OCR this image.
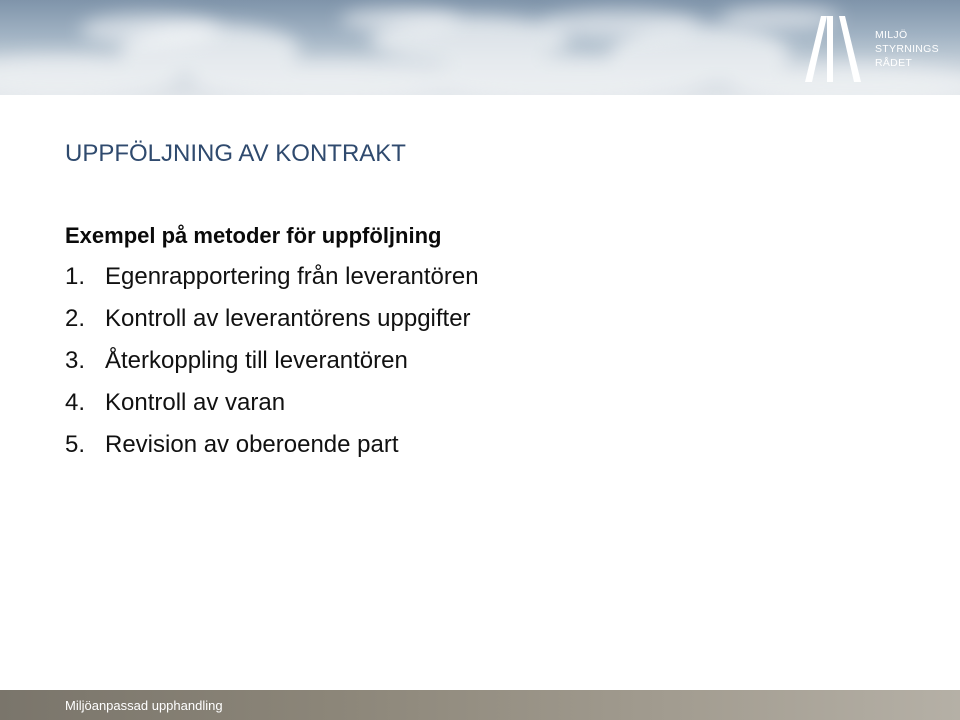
MILJÖ
STYRNINGS
RÅDET
UPPFÖLJNING AV KONTRAKT

Exempel på metoder för uppföljning

1. Egenrapportering från leverantören
2. Kontroll av leverantörens uppgifter
3. Återkoppling till leverantören
4. Kontroll av varan
5. Revision av oberoende part
Miljöanpassad upphandling
